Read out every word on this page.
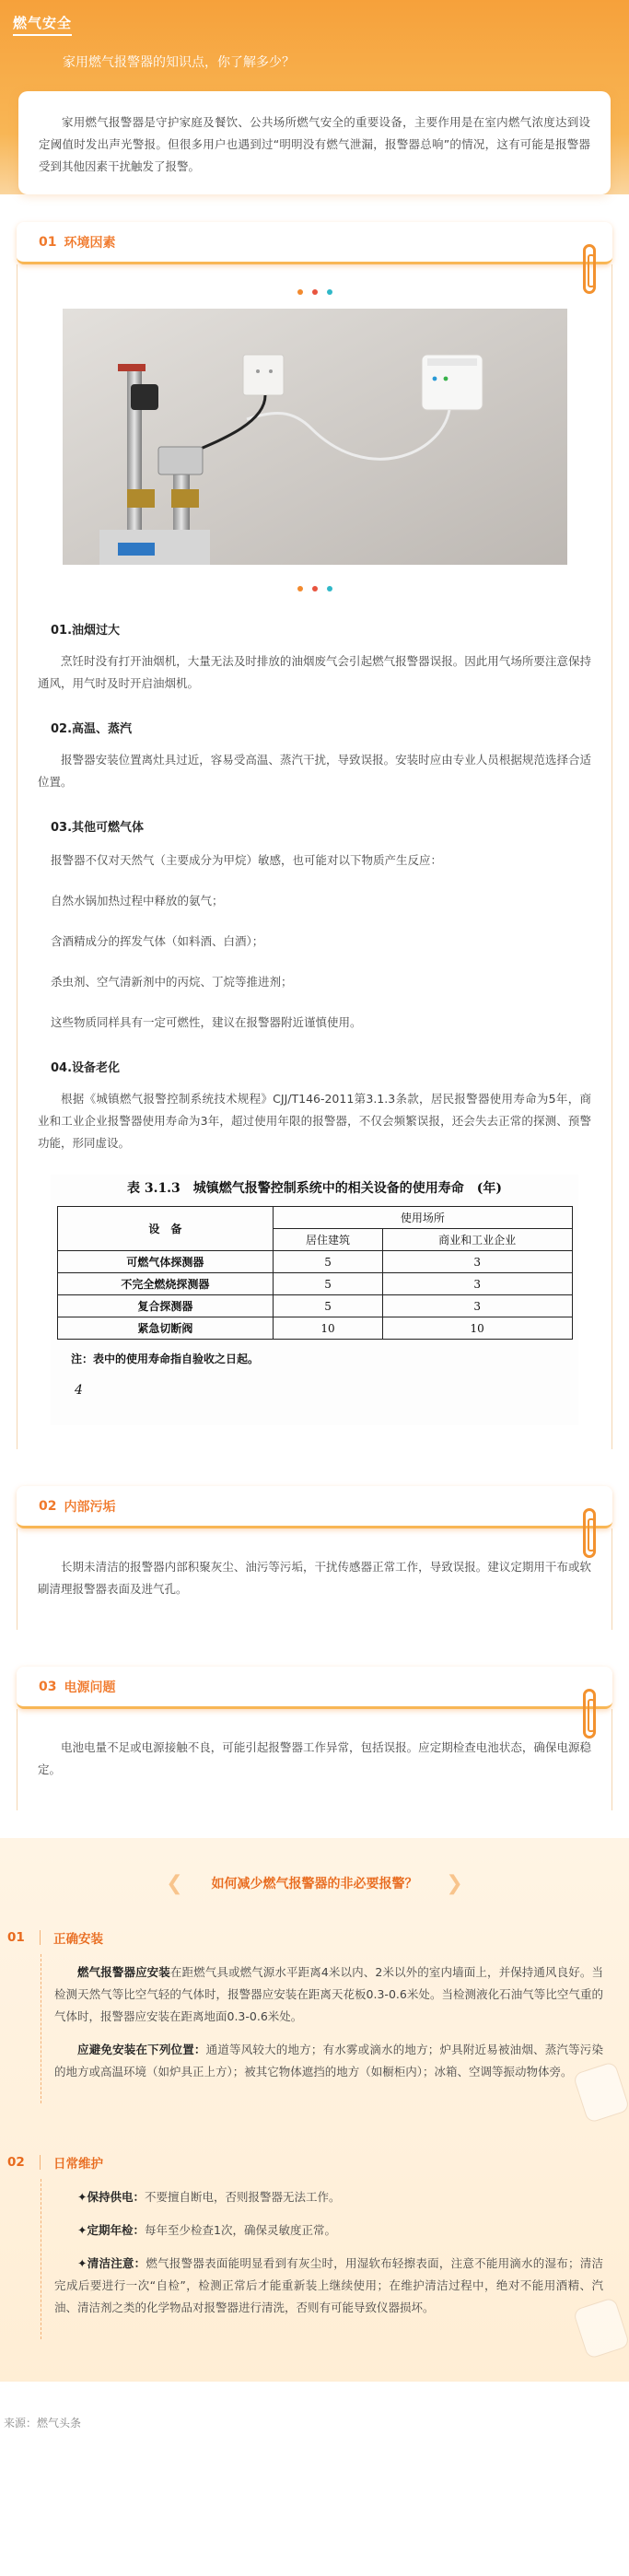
燃气安全
家用燃气报警器的知识点，你了解多少？

家用燃气报警器是守护家庭及餐饮、公共场所燃气安全的重要设备，主要作用是在室内燃气浓度达到设定阈值时发出声光警报。但很多用户也遇到过“明明没有燃气泄漏，报警器总响”的情况，这有可能是报警器受到其他因素干扰触发了报警。

01 环境因素
01.油烟过大

烹饪时没有打开油烟机，大量无法及时排放的油烟废气会引起燃气报警器误报。因此用气场所要注意保持通风，用气时及时开启油烟机。

02.高温、蒸汽

报警器安装位置离灶具过近，容易受高温、蒸汽干扰，导致误报。安装时应由专业人员根据规范选择合适位置。

03.其他可燃气体

报警器不仅对天然气（主要成分为甲烷）敏感，也可能对以下物质产生反应：

自然水锅加热过程中释放的氨气；

含酒精成分的挥发气体（如料酒、白酒）；

杀虫剂、空气清新剂中的丙烷、丁烷等推进剂；

这些物质同样具有一定可燃性，建议在报警器附近谨慎使用。

04.设备老化

根据《城镇燃气报警控制系统技术规程》CJJ/T146-2011第3.1.3条款，居民报警器使用寿命为5年，商业和工业企业报警器使用寿命为3年，超过使用年限的报警器，不仅会频繁误报，还会失去正常的探测、预警功能，形同虚设。

表 3.1.3　城镇燃气报警控制系统中的相关设备的使用寿命　(年)
设　备	使用场所	
	居住建筑	商业和工业企业
可燃气体探测器	5	3
不完全燃烧探测器	5	3
复合探测器	5	3
紧急切断阀	10	10
注：表中的使用寿命指自验收之日起。
4
02 内部污垢

长期未清洁的报警器内部积聚灰尘、油污等污垢，干扰传感器正常工作，导致误报。建议定期用干布或软刷清理报警器表面及进气孔。

03 电源问题

电池电量不足或电源接触不良，可能引起报警器工作异常，包括误报。应定期检查电池状态，确保电源稳定。

❮ 如何减少燃气报警器的非必要报警？ ❯
01	正确安装

燃气报警器应安装在距燃气具或燃气源水平距离4米以内、2米以外的室内墙面上，并保持通风良好。当检测天然气等比空气轻的气体时，报警器应安装在距离天花板0.3-0.6米处。当检测液化石油气等比空气重的气体时，报警器应安装在距离地面0.3-0.6米处。

应避免安装在下列位置：通道等风较大的地方；有水雾或滴水的地方；炉具附近易被油烟、蒸汽等污染的地方或高温环境（如炉具正上方）；被其它物体遮挡的地方（如橱柜内）；冰箱、空调等振动物体旁。

02	日常维护

✦保持供电：不要擅自断电，否则报警器无法工作。

✦定期年检：每年至少检查1次，确保灵敏度正常。

✦清洁注意：燃气报警器表面能明显看到有灰尘时，用湿软布轻擦表面，注意不能用滴水的湿布；清洁完成后要进行一次“自检”，检测正常后才能重新装上继续使用；在维护清洁过程中，绝对不能用酒精、汽油、清洁剂之类的化学物品对报警器进行清洗，否则有可能导致仪器损坏。

来源：燃气头条
